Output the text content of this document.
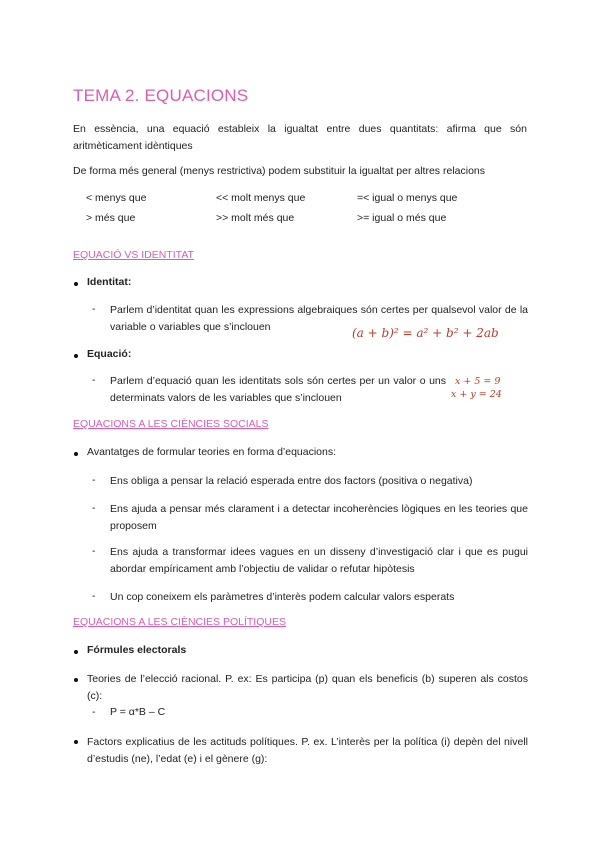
TEMA 2. EQUACIONS
En essència, una equació estableix la igualtat entre dues quantitats: afirma que són aritmèticament idèntiques
De forma més general (menys restrictiva) podem substituir la igualtat per altres relacions
< menys que	<< molt menys que	=< igual o menys que
> més que	>> molt més que	>= igual o més que
EQUACIÓ VS IDENTITAT
Identitat:
- Parlem d’identitat quan les expressions algebraiques són certes per qualsevol valor de la variable o variables que s’inclouen	(a + b)² = a² + b² + 2ab
Equació:
- Parlem d’equació quan les identitats sols són certes per un valor o uns determinats valors de les variables que s’inclouen
x + 5 = 9
x + y = 24
EQUACIONS A LES CIÈNCIES SOCIALS
Avantatges de formular teories en forma d’equacions:
- Ens obliga a pensar la relació esperada entre dos factors (positiva o negativa)
- Ens ajuda a pensar més clarament i a detectar incoherències lògiques en les teories que proposem
- Ens ajuda a transformar idees vagues en un disseny d’investigació clar i que es pugui abordar empíricament amb l’objectiu de validar o refutar hipòtesis
- Un cop coneixem els paràmetres d’interès podem calcular valors esperats
EQUACIONS A LES CIÈNCIES POLÍTIQUES
Fórmules electorals
Teories de l’elecció racional. P. ex: Es participa (p) quan els beneficis (b) superen als costos (c):
- P = α*B – C
Factors explicatius de les actituds polítiques. P. ex. L’interès per la política (i) depèn del nivell d’estudis (ne), l’edat (e) i el gènere (g):
